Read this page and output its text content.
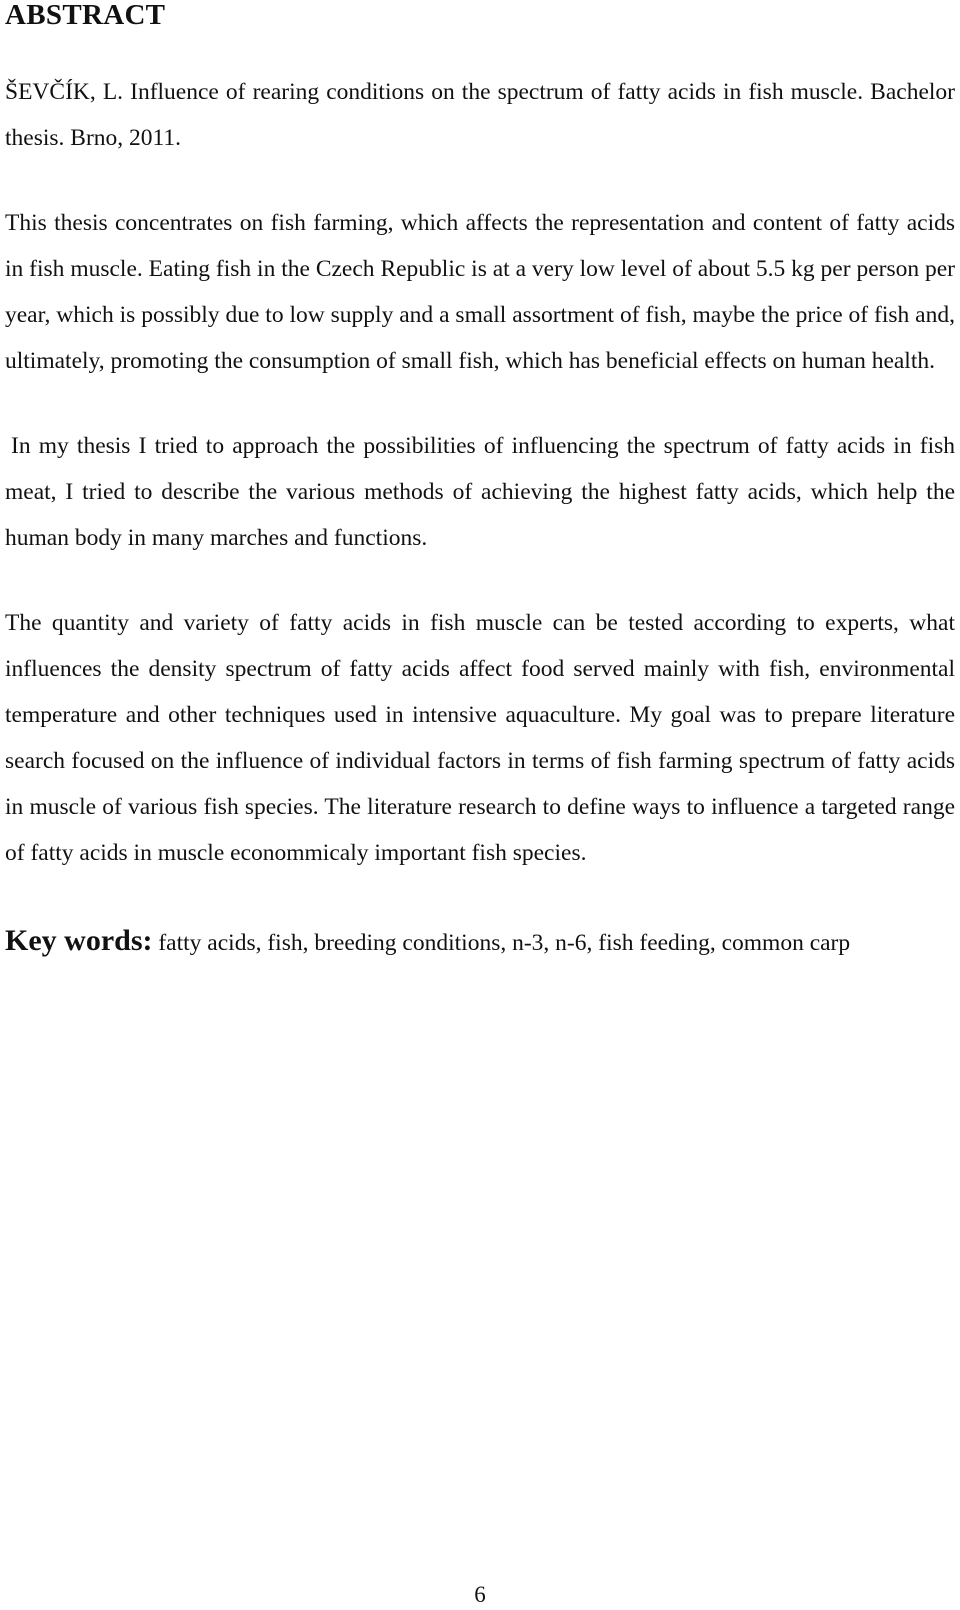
ABSTRACT

ŠEVČÍK, L. Influence of rearing conditions on the spectrum of fatty acids in fish muscle. Bachelor thesis. Brno, 2011.

This thesis concentrates on fish farming, which affects the representation and content of fatty acids in fish muscle. Eating fish in the Czech Republic is at a very low level of about 5.5 kg per person per year, which is possibly due to low supply and a small assortment of fish, maybe the price of fish and, ultimately, promoting the consumption of small fish, which has beneficial effects on human health.

In my thesis I tried to approach the possibilities of influencing the spectrum of fatty acids in fish meat, I tried to describe the various methods of achieving the highest fatty acids, which help the human body in many marches and functions.

The quantity and variety of fatty acids in fish muscle can be tested according to experts, what influences the density spectrum of fatty acids affect food served mainly with fish, environmental temperature and other techniques used in intensive aquaculture. My goal was to prepare literature search focused on the influence of individual factors in terms of fish farming spectrum of fatty acids in muscle of various fish species. The literature research to define ways to influence a targeted range of fatty acids in muscle econommicaly important fish species.

Key words: fatty acids, fish, breeding conditions, n-3, n-6, fish feeding, common carp

6
